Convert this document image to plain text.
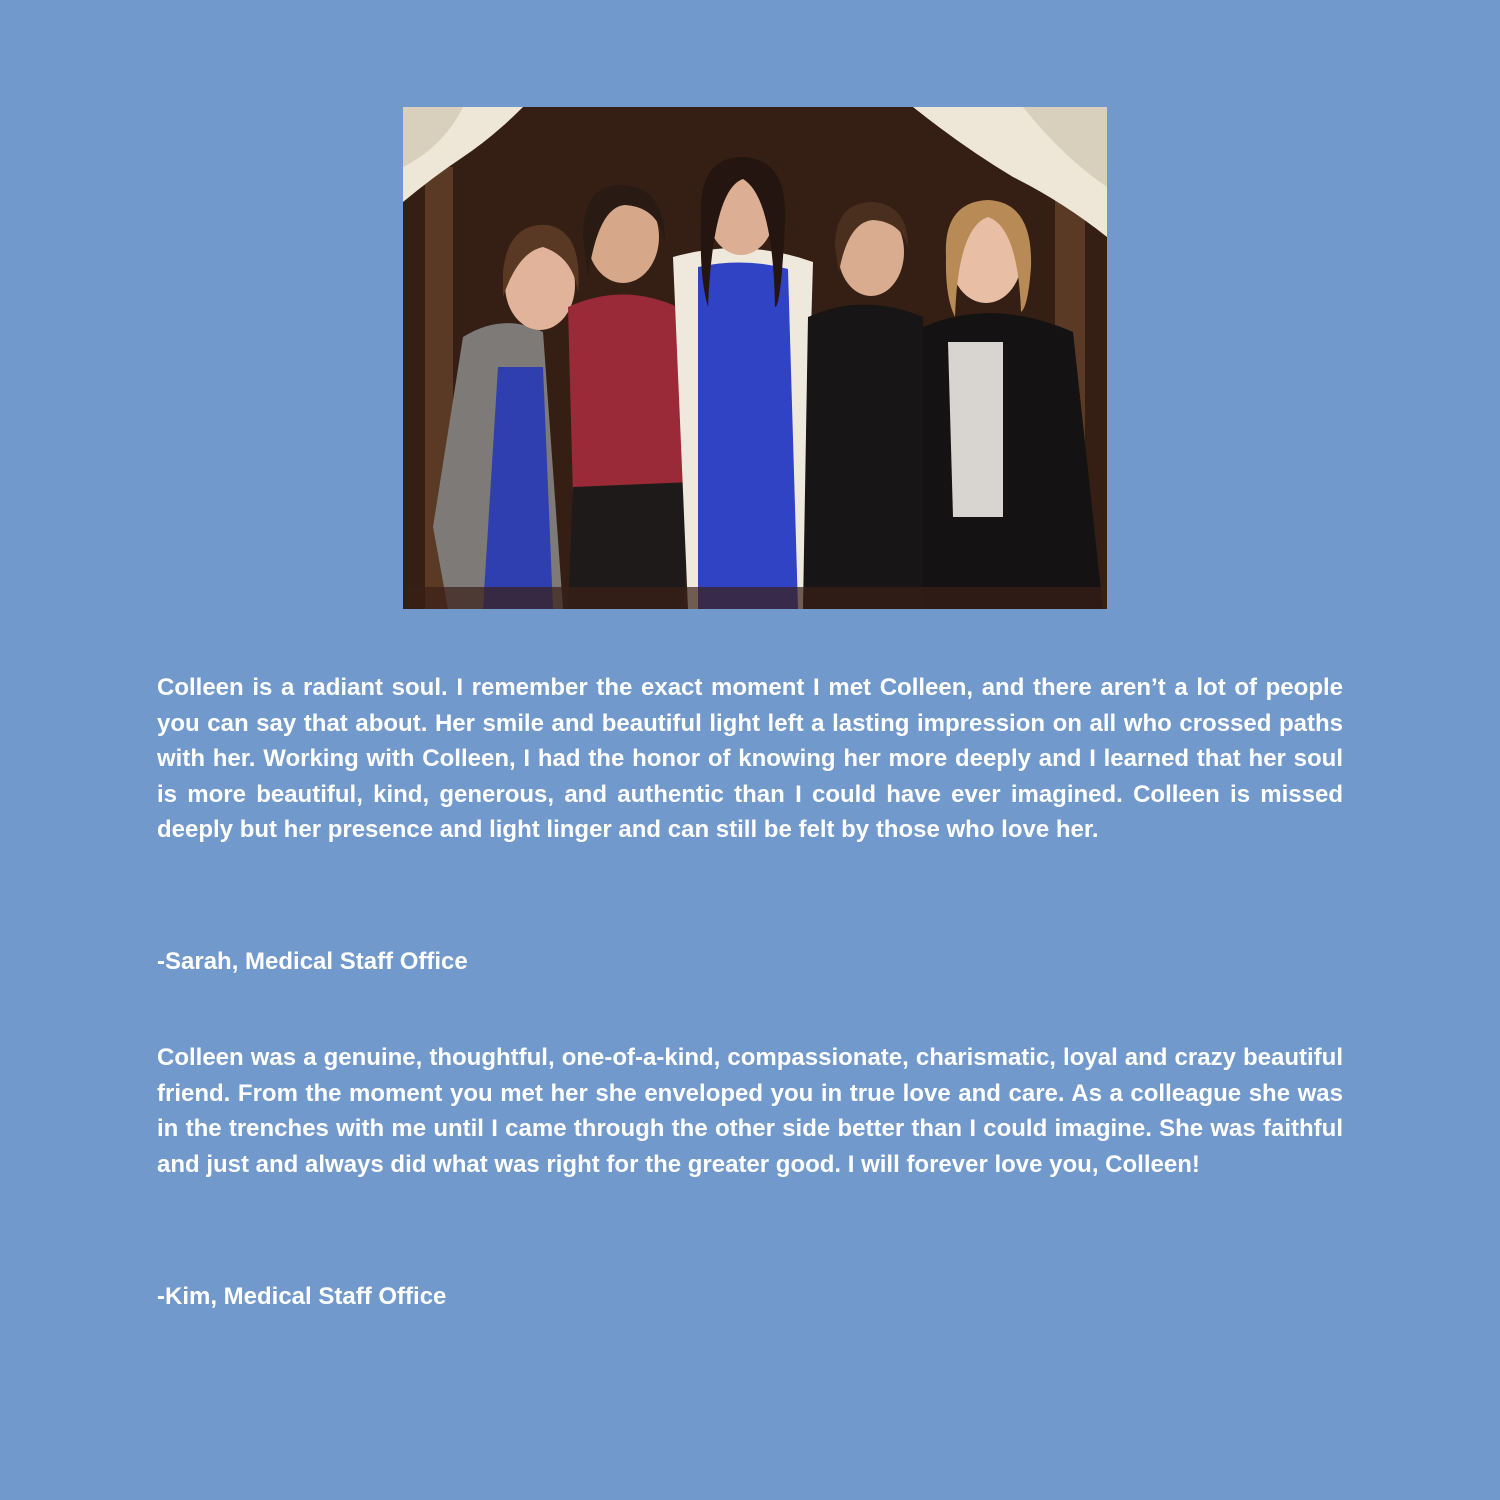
Colleen is a radiant soul. I remember the exact moment I met Colleen, and there aren’t a lot of people you can say that about. Her smile and beautiful light left a lasting impression on all who crossed paths with her. Working with Colleen, I had the honor of knowing her more deeply and I learned that her soul is more beautiful, kind, generous, and authentic than I could have ever imagined. Colleen is missed deeply but her presence and light linger and can still be felt by those who love her.

-Sarah, Medical Staff Office

Colleen was a genuine, thoughtful, one-of-a-kind, compassionate, charismatic, loyal and crazy beautiful friend. From the moment you met her she enveloped you in true love and care. As a colleague she was in the trenches with me until I came through the other side better than I could imagine. She was faithful and just and always did what was right for the greater good. I will forever love you, Colleen!

-Kim, Medical Staff Office
